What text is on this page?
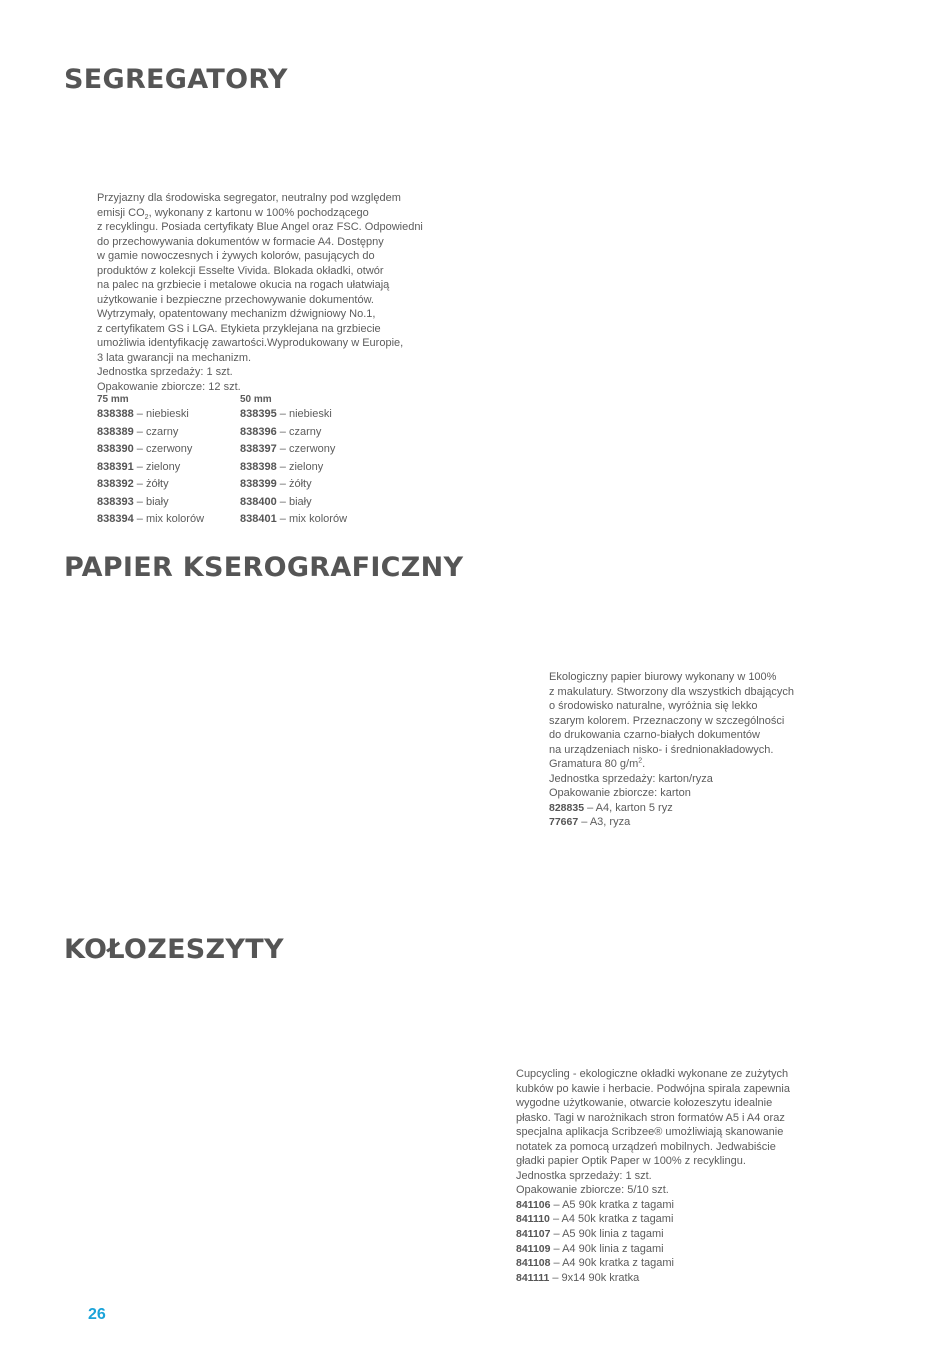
SEGREGATORY

Przyjazny dla środowiska segregator, neutralny pod względem
emisji $CO_2$, wykonany z kartonu w 100% pochodzącego
z recyklingu. Posiada certyfikaty Blue Angel oraz FSC. Odpowiedni
do przechowywania dokumentów w formacie A4. Dostępny
w gamie nowoczesnych i żywych kolorów, pasujących do
produktów z kolekcji Esselte Vivida. Blokada okładki, otwór
na palec na grzbiecie i metalowe okucia na rogach ułatwiają
użytkowanie i bezpieczne przechowywanie dokumentów.
Wytrzymały, opatentowany mechanizm dźwigniowy No.1,
z certyfikatem GS i LGA. Etykieta przyklejana na grzbiecie
umożliwia identyfikację zawartości.Wyprodukowany w Europie,
3 lata gwarancji na mechanizm.

Jednostka sprzedaży: 1 szt.

Opakowanie zbiorcze: 12 szt.

75 mm
838388 – niebieski
838389 – czarny
838390 – czerwony
838391 – zielony
838392 – żółty
838393 – biały
838394 – mix kolorów
50 mm
838395 – niebieski
838396 – czarny
838397 – czerwony
838398 – zielony
838399 – żółty
838400 – biały
838401 – mix kolorów
PAPIER KSEROGRAFICZNY

Ekologiczny papier biurowy wykonany w 100%
z makulatury. Stworzony dla wszystkich dbających
o środowisko naturalne, wyróżnia się lekko
szarym kolorem. Przeznaczony w szczególności
do drukowania czarno-białych dokumentów
na urządzeniach nisko- i średnionakładowych.
Gramatura 80 $g/m^2$.

Jednostka sprzedaży: karton/ryza

Opakowanie zbiorcze: karton

828835 – A4, karton 5 ryz
77667 – A3, ryza
KOŁOZESZYTY

Cupcycling - ekologiczne okładki wykonane ze zużytych
kubków po kawie i herbacie. Podwójna spirala zapewnia
wygodne użytkowanie, otwarcie kołozeszytu idealnie
płasko. Tagi w narożnikach stron formatów A5 i A4 oraz
specjalna aplikacja Scribzee® umożliwiają skanowanie
notatek za pomocą urządzeń mobilnych. Jedwabiście
gładki papier Optik Paper w 100% z recyklingu.

Jednostka sprzedaży: 1 szt.

Opakowanie zbiorcze: 5/10 szt.

841106 – A5 90k kratka z tagami
841110 – A4 50k kratka z tagami
841107 – A5 90k linia z tagami
841109 – A4 90k linia z tagami
841108 – A4 90k kratka z tagami
841111 – 9x14 90k kratka
26
